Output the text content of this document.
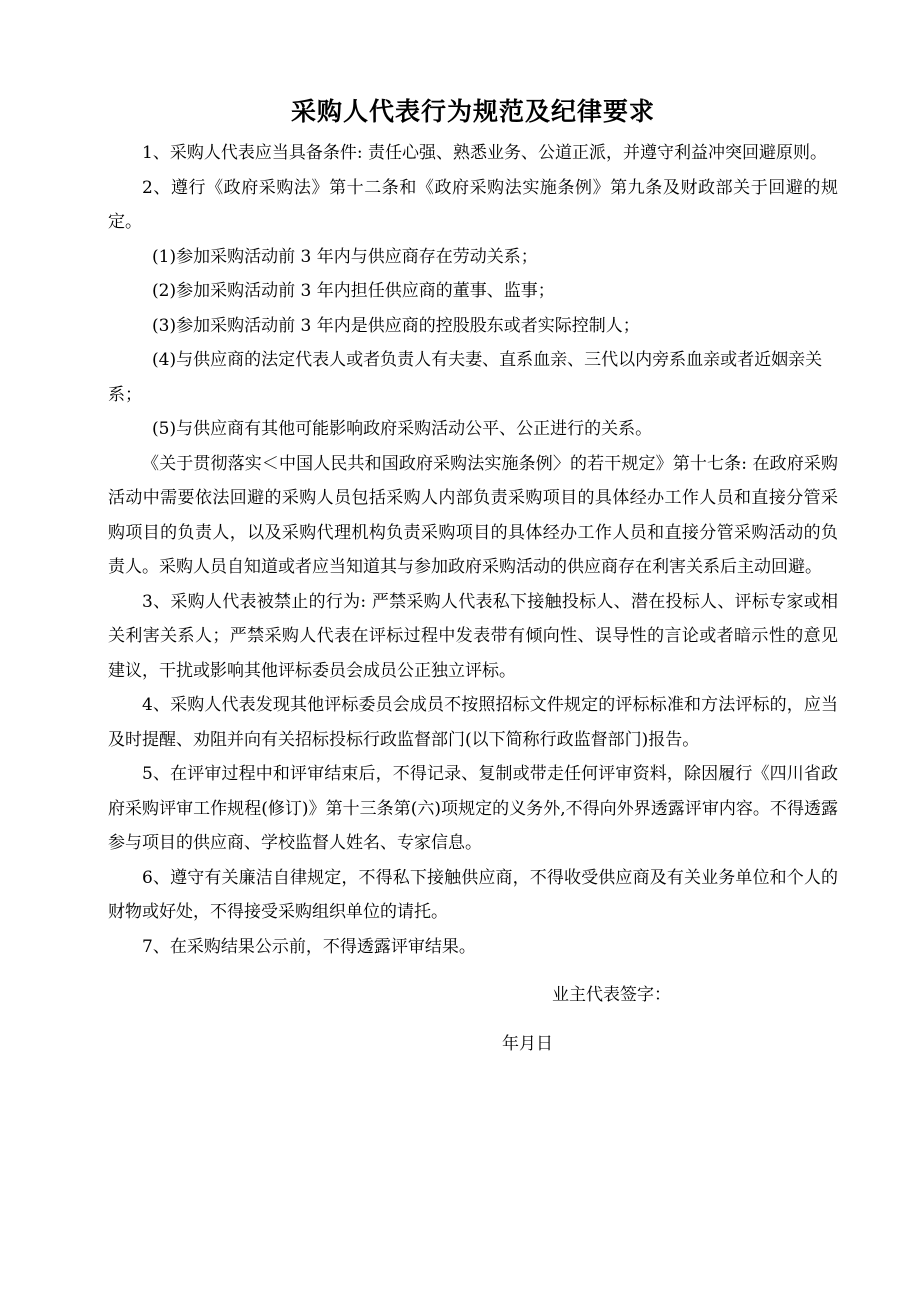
采购人代表行为规范及纪律要求

1、采购人代表应当具备条件: 责任心强、熟悉业务、公道正派，并遵守利益冲突回避原则。

2、遵行《政府采购法》第十二条和《政府采购法实施条例》第九条及财政部关于回避的规定。

(1)参加采购活动前 3 年内与供应商存在劳动关系；

(2)参加采购活动前 3 年内担任供应商的董事、监事；

(3)参加采购活动前 3 年内是供应商的控股股东或者实际控制人；

(4)与供应商的法定代表人或者负责人有夫妻、直系血亲、三代以内旁系血亲或者近姻亲关系；

(5)与供应商有其他可能影响政府采购活动公平、公正进行的关系。

《关于贯彻落实＜中国人民共和国政府采购法实施条例〉的若干规定》第十七条: 在政府采购活动中需要依法回避的采购人员包括采购人内部负责采购项目的具体经办工作人员和直接分管采购项目的负责人，以及采购代理机构负责采购项目的具体经办工作人员和直接分管采购活动的负责人。采购人员自知道或者应当知道其与参加政府采购活动的供应商存在利害关系后主动回避。

3、采购人代表被禁止的行为: 严禁采购人代表私下接触投标人、潜在投标人、评标专家或相关利害关系人；严禁采购人代表在评标过程中发表带有倾向性、误导性的言论或者暗示性的意见建议，干扰或影响其他评标委员会成员公正独立评标。

4、采购人代表发现其他评标委员会成员不按照招标文件规定的评标标准和方法评标的，应当及时提醒、劝阻并向有关招标投标行政监督部门(以下简称行政监督部门)报告。

5、在评审过程中和评审结束后，不得记录、复制或带走任何评审资料，除因履行《四川省政府采购评审工作规程(修订)》第十三条第(六)项规定的义务外,不得向外界透露评审内容。不得透露参与项目的供应商、学校监督人姓名、专家信息。

6、遵守有关廉洁自律规定，不得私下接触供应商，不得收受供应商及有关业务单位和个人的财物或好处，不得接受采购组织单位的请托。

7、在采购结果公示前，不得透露评审结果。

业主代表签字：

年月日
